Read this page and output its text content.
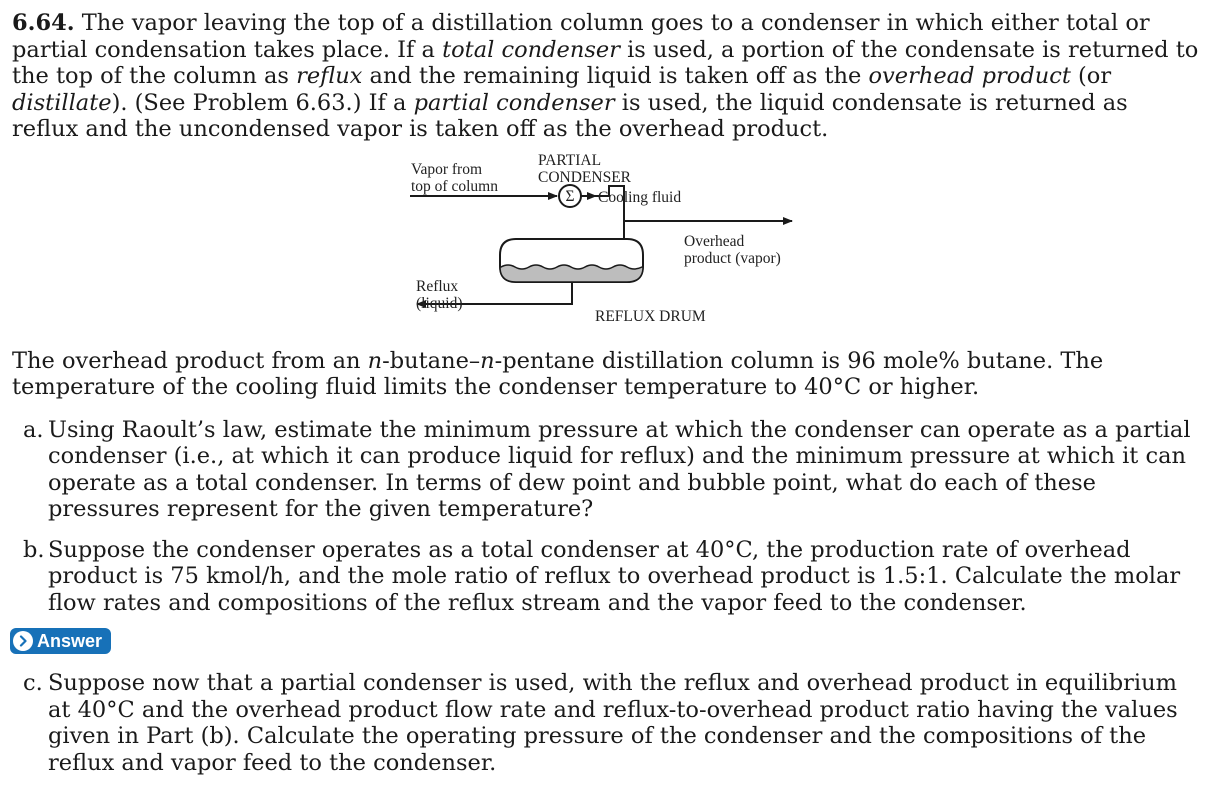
6.64. The vapor leaving the top of a distillation column goes to a condenser in which either total or partial condensation takes place. If a total condenser is used, a portion of the condensate is returned to the top of the column as reflux and the remaining liquid is taken off as the overhead product (or distillate). (See Problem 6.63.) If a partial condenser is used, the liquid condensate is returned as reflux and the uncondensed vapor is taken off as the overhead product.

Σ
Vapor from
top of column
PARTIAL
CONDENSER
Cooling fluid
Overhead
product (vapor)
Reflux
(liquid)
REFLUX DRUM

The overhead product from an n-butane–n-pentane distillation column is 96 mole% butane. The temperature of the cooling fluid limits the condenser temperature to 40°C or higher.

a. Using Raoult’s law, estimate the minimum pressure at which the condenser can operate as a partial condenser (i.e., at which it can produce liquid for reflux) and the minimum pressure at which it can operate as a total condenser. In terms of dew point and bubble point, what do each of these pressures represent for the given temperature?
b. Suppose the condenser operates as a total condenser at 40°C, the production rate of overhead product is 75 kmol/h, and the mole ratio of reflux to overhead product is 1.5:1. Calculate the molar flow rates and compositions of the reflux stream and the vapor feed to the condenser.
Answer
c. Suppose now that a partial condenser is used, with the reflux and overhead product in equilibrium at 40°C and the overhead product flow rate and reflux-to-overhead product ratio having the values given in Part (b). Calculate the operating pressure of the condenser and the compositions of the reflux and vapor feed to the condenser.
